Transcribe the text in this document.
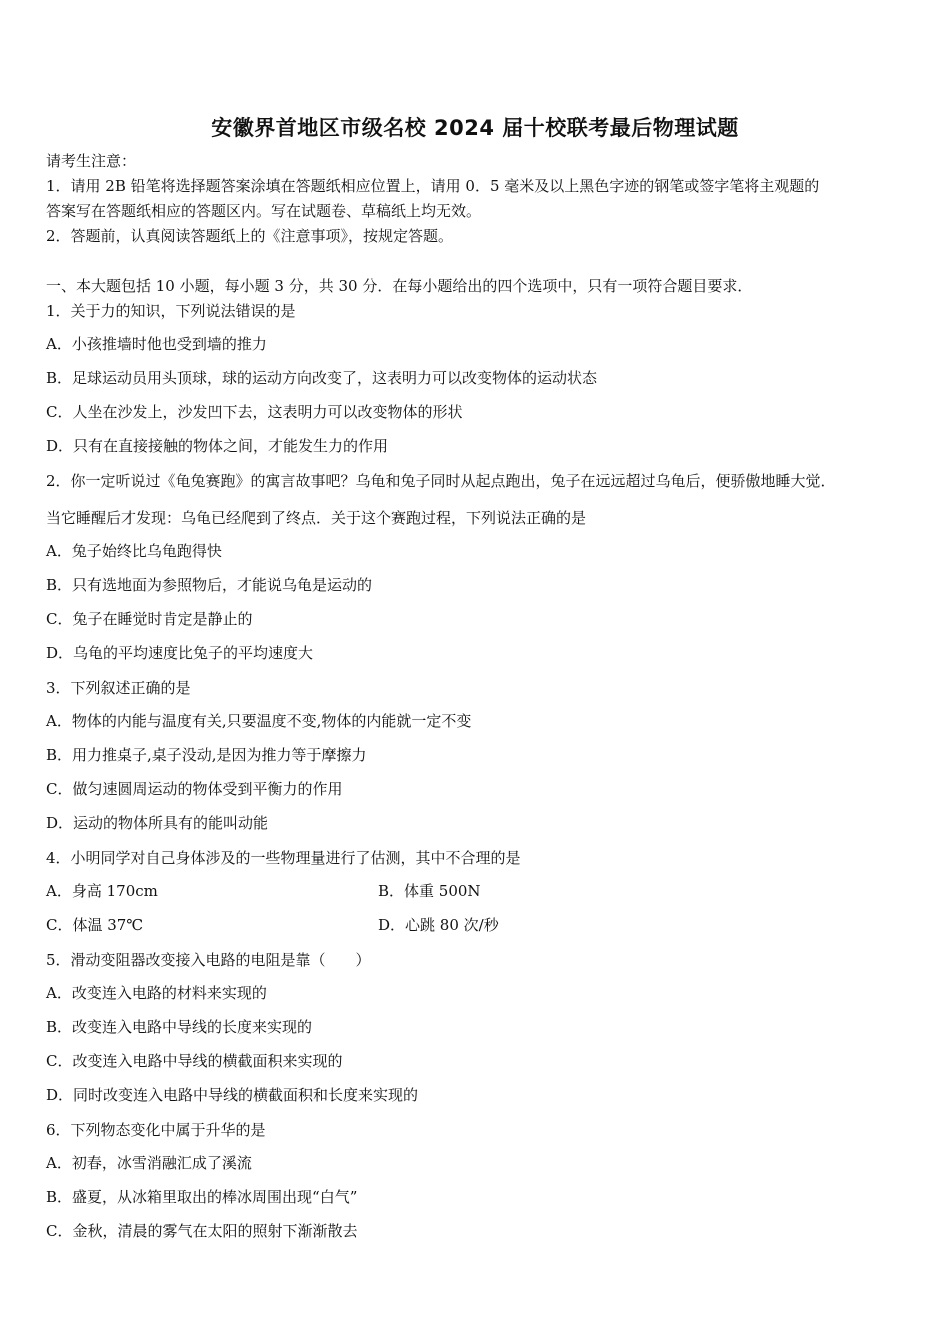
安徽界首地区市级名校 2024 届十校联考最后物理试题
请考生注意：
1．请用 2B 铅笔将选择题答案涂填在答题纸相应位置上，请用 0．5 毫米及以上黑色字迹的钢笔或签字笔将主观题的
答案写在答题纸相应的答题区内。写在试题卷、草稿纸上均无效。
2．答题前，认真阅读答题纸上的《注意事项》，按规定答题。
一、本大题包括 10 小题，每小题 3 分，共 30 分．在每小题给出的四个选项中，只有一项符合题目要求．
1．关于力的知识，下列说法错误的是
A．小孩推墙时他也受到墙的推力
B．足球运动员用头顶球，球的运动方向改变了，这表明力可以改变物体的运动状态
C．人坐在沙发上，沙发凹下去，这表明力可以改变物体的形状
D．只有在直接接触的物体之间，才能发生力的作用
2．你一定听说过《龟兔赛跑》的寓言故事吧？乌龟和兔子同时从起点跑出，兔子在远远超过乌龟后，便骄傲地睡大觉．
当它睡醒后才发现：乌龟已经爬到了终点．关于这个赛跑过程，下列说法正确的是
A．兔子始终比乌龟跑得快
B．只有选地面为参照物后，才能说乌龟是运动的
C．兔子在睡觉时肯定是静止的
D．乌龟的平均速度比兔子的平均速度大
3．下列叙述正确的是
A．物体的内能与温度有关,只要温度不变,物体的内能就一定不变
B．用力推桌子,桌子没动,是因为推力等于摩擦力
C．做匀速圆周运动的物体受到平衡力的作用
D．运动的物体所具有的能叫动能
4．小明同学对自己身体涉及的一些物理量进行了估测，其中不合理的是
A．身高 170cm	B．体重 500N
C．体温 37℃	D．心跳 80 次/秒
5．滑动变阻器改变接入电路的电阻是靠（　　）
A．改变连入电路的材料来实现的
B．改变连入电路中导线的长度来实现的
C．改变连入电路中导线的横截面积来实现的
D．同时改变连入电路中导线的横截面积和长度来实现的
6．下列物态变化中属于升华的是
A．初春，冰雪消融汇成了溪流
B．盛夏，从冰箱里取出的棒冰周围出现“白气”
C．金秋，清晨的雾气在太阳的照射下渐渐散去
